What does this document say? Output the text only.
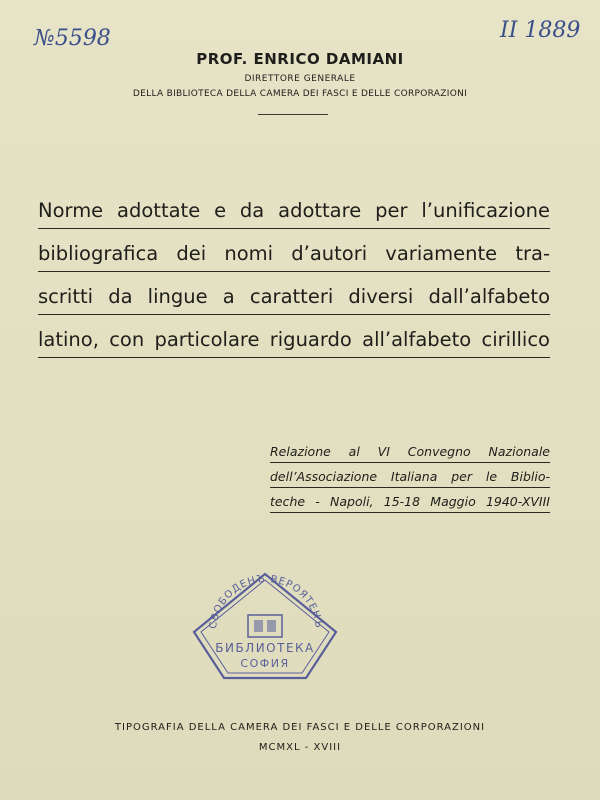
№5598	II 1889
PROF. ENRICO DAMIANI
DIRETTORE GENERALE
DELLA BIBLIOTECA DELLA CAMERA DEI FASCI E DELLE CORPORAZIONI
Norme adottate e da adottare per l’unificazione
bibliografica dei nomi d’autori variamente tra-
scritti da lingue a caratteri diversi dall’alfabeto
latino, con particolare riguardo all’alfabeto cirillico
Relazione al VI Convegno Nazionale
dell’Associazione Italiana per le Biblio-
teche - Napoli, 15-18 Maggio 1940-XVIII
СВОБОДЕНЪ ВЕРОЯТЕНЪ
БИБЛИОТЕКА
СОФИЯ
TIPOGRAFIA DELLA CAMERA DEI FASCI E DELLE CORPORAZIONI
MCMXL - XVIII
